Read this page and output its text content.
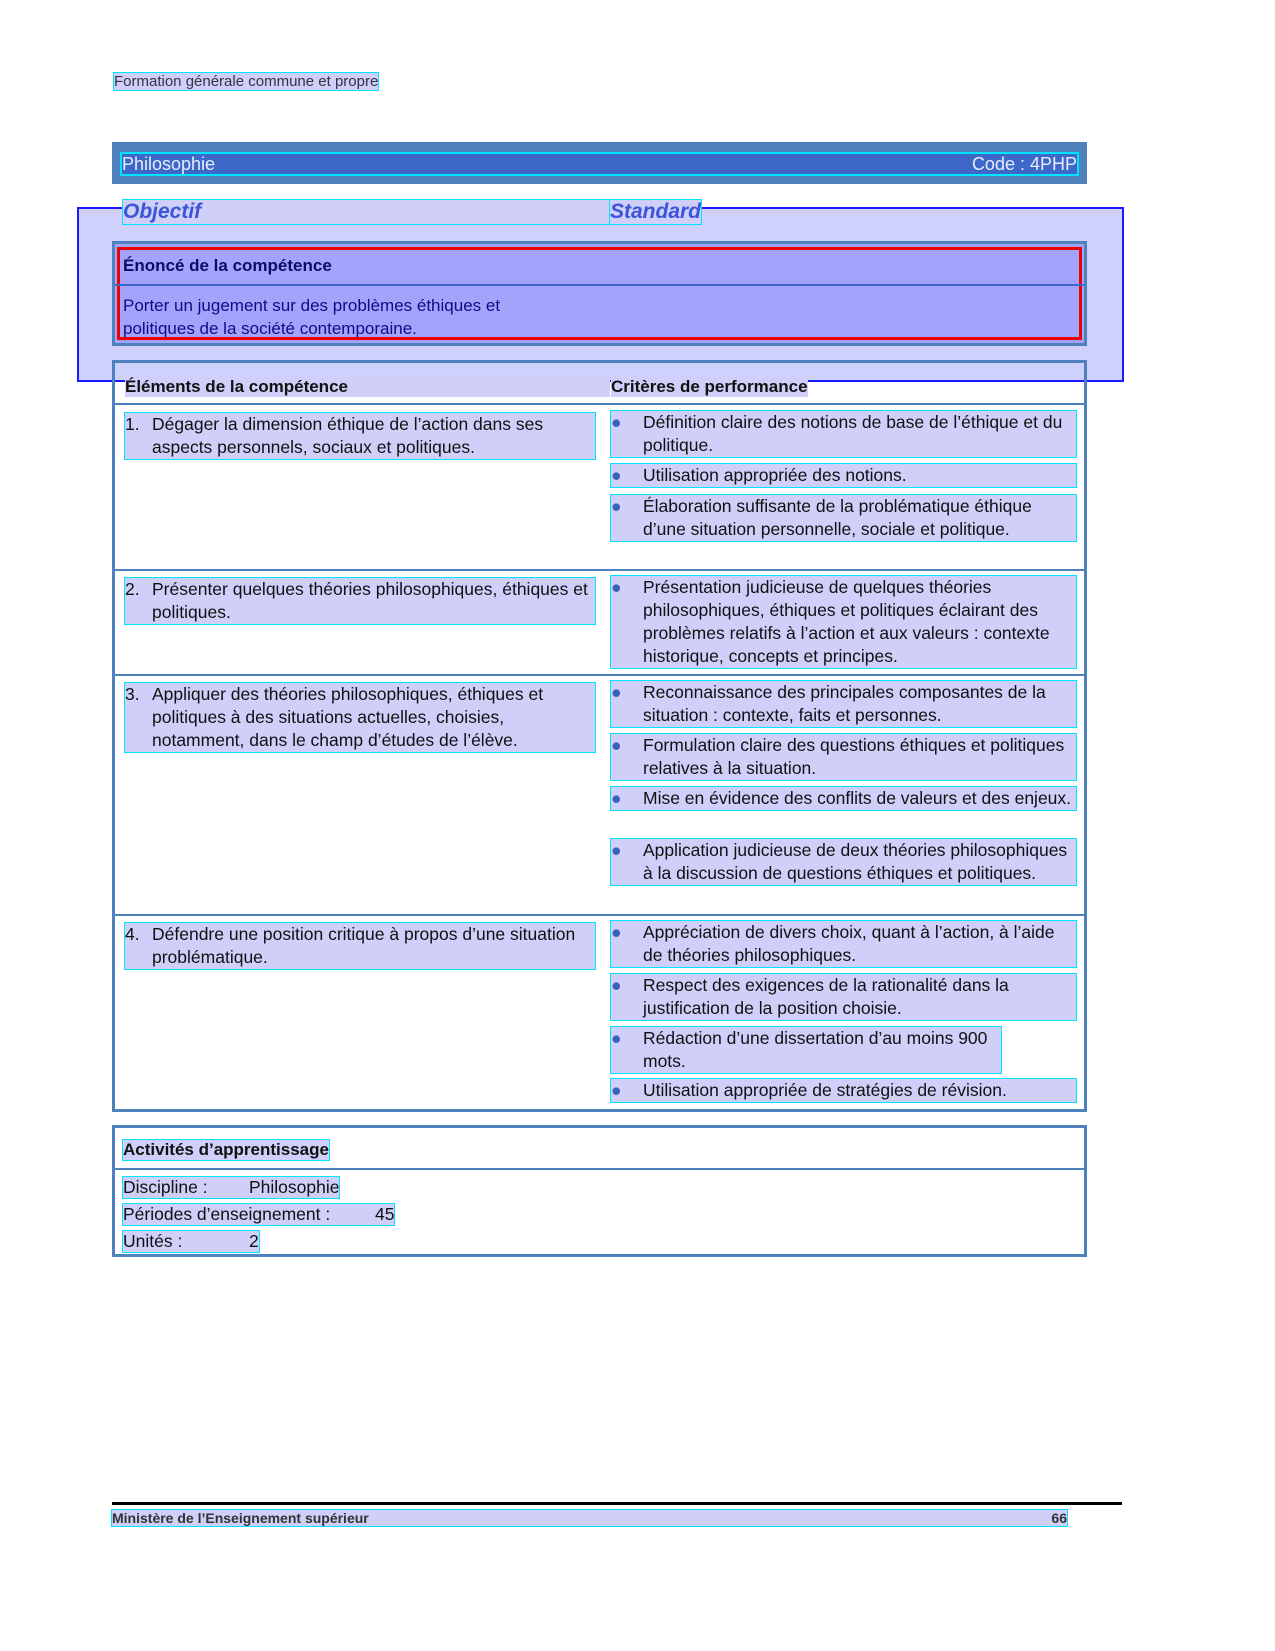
Formation générale commune et propre
Philosophie	Code : 4PHP
Objectif	Standard
Énoncé de la compétence
Porter un jugement sur des problèmes éthiques et politiques de la société contemporaine.
Éléments de la compétence	Critères de performance
1. Dégager la dimension éthique de l’action dans ses aspects personnels, sociaux et politiques.
●	Définition claire des notions de base de l’éthique et du politique.
●	Utilisation appropriée des notions.
●	Élaboration suffisante de la problématique éthique d’une situation personnelle, sociale et politique.
2. Présenter quelques théories philosophiques, éthiques et politiques.
●	Présentation judicieuse de quelques théories philosophiques, éthiques et politiques éclairant des problèmes relatifs à l’action et aux valeurs : contexte historique, concepts et principes.
3. Appliquer des théories philosophiques, éthiques et politiques à des situations actuelles, choisies, notamment, dans le champ d’études de l’élève.
●	Reconnaissance des principales composantes de la situation : contexte, faits et personnes.
●	Formulation claire des questions éthiques et politiques relatives à la situation.
●	Mise en évidence des conflits de valeurs et des enjeux.
●	Application judicieuse de deux théories philosophiques à la discussion de questions éthiques et politiques.
4. Défendre une position critique à propos d’une situation problématique.
●	Appréciation de divers choix, quant à l’action, à l’aide de théories philosophiques.
●	Respect des exigences de la rationalité dans la justification de la position choisie.
●	Rédaction d’une dissertation d’au moins 900 mots.
●	Utilisation appropriée de stratégies de révision.
Activités d’apprentissage
Discipline : Philosophie
Périodes d’enseignement :	45
Unités :	2
Ministère de l’Enseignement supérieur	66
